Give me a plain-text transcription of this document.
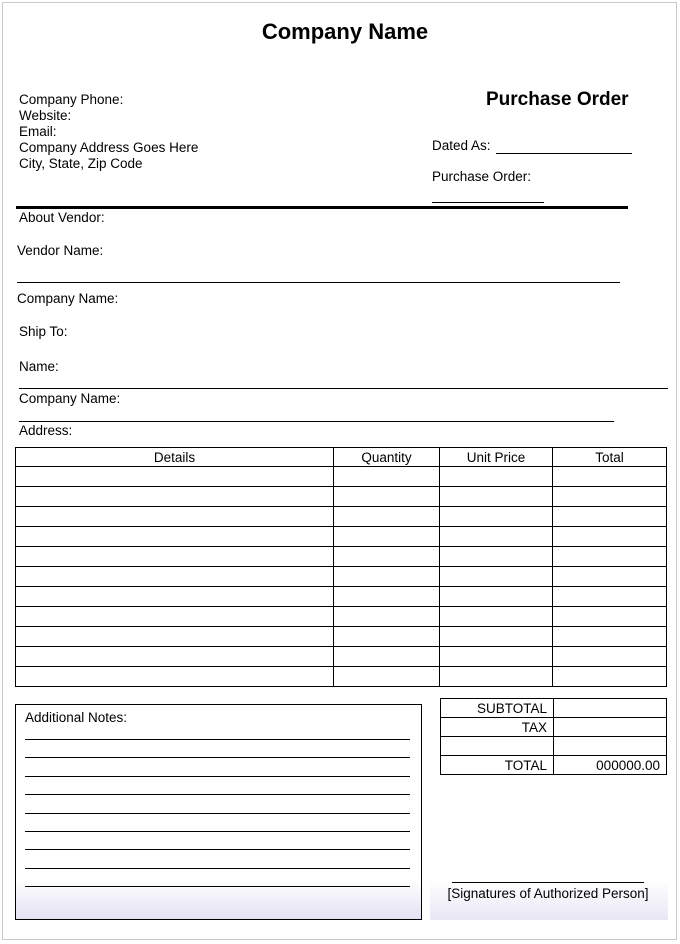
Company Name
Company Phone:
Website:
Email:
Company Address Goes Here
City, State, Zip Code
Purchase Order
Dated As:
Purchase Order:
About Vendor:
Vendor Name:
Company Name:
Ship To:
Name:
Company Name:
Address:
Details	Quantity	Unit Price	Total

SUBTOTAL	
TAX	

TOTAL	000000.00
Additional Notes:
[Signatures of Authorized Person]
